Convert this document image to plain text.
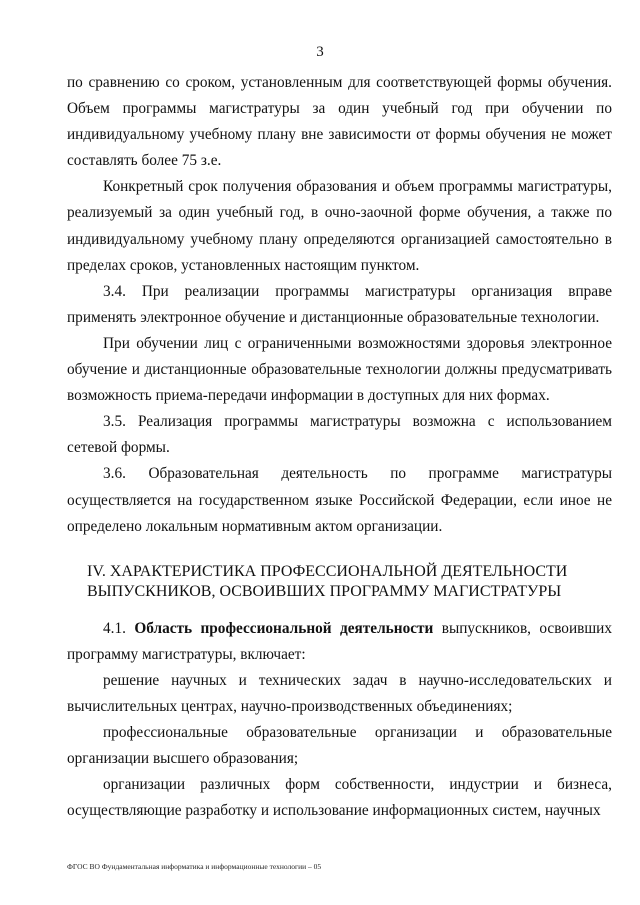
3

по сравнению со сроком, установленным для соответствующей формы обучения. Объем программы магистратуры за один учебный год при обучении по индивидуальному учебному плану вне зависимости от формы обучения не может составлять более 75 з.е.

Конкретный срок получения образования и объем программы магистратуры, реализуемый за один учебный год, в очно-заочной форме обучения, а также по индивидуальному учебному плану определяются организацией самостоятельно в пределах сроков, установленных настоящим пунктом.

3.4. При реализации программы магистратуры организация вправе применять электронное обучение и дистанционные образовательные технологии.

При обучении лиц с ограниченными возможностями здоровья электронное обучение и дистанционные образовательные технологии должны предусматривать возможность приема-передачи информации в доступных для них формах.

3.5. Реализация программы магистратуры возможна с использованием сетевой формы.

3.6. Образовательная деятельность по программе магистратуры осуществляется на государственном языке Российской Федерации, если иное не определено локальным нормативным актом организации.

IV. ХАРАКТЕРИСТИКА ПРОФЕССИОНАЛЬНОЙ ДЕЯТЕЛЬНОСТИ
ВЫПУСКНИКОВ, ОСВОИВШИХ ПРОГРАММУ МАГИСТРАТУРЫ

4.1. Область профессиональной деятельности выпускников, освоивших программу магистратуры, включает:

решение научных и технических задач в научно-исследовательских и вычислительных центрах, научно-производственных объединениях;

профессиональные образовательные организации и образовательные организации высшего образования;

организации различных форм собственности, индустрии и бизнеса, осуществляющие разработку и использование информационных систем, научных

ФГОС ВО Фундаментальная информатика и информационные технологии – 05
